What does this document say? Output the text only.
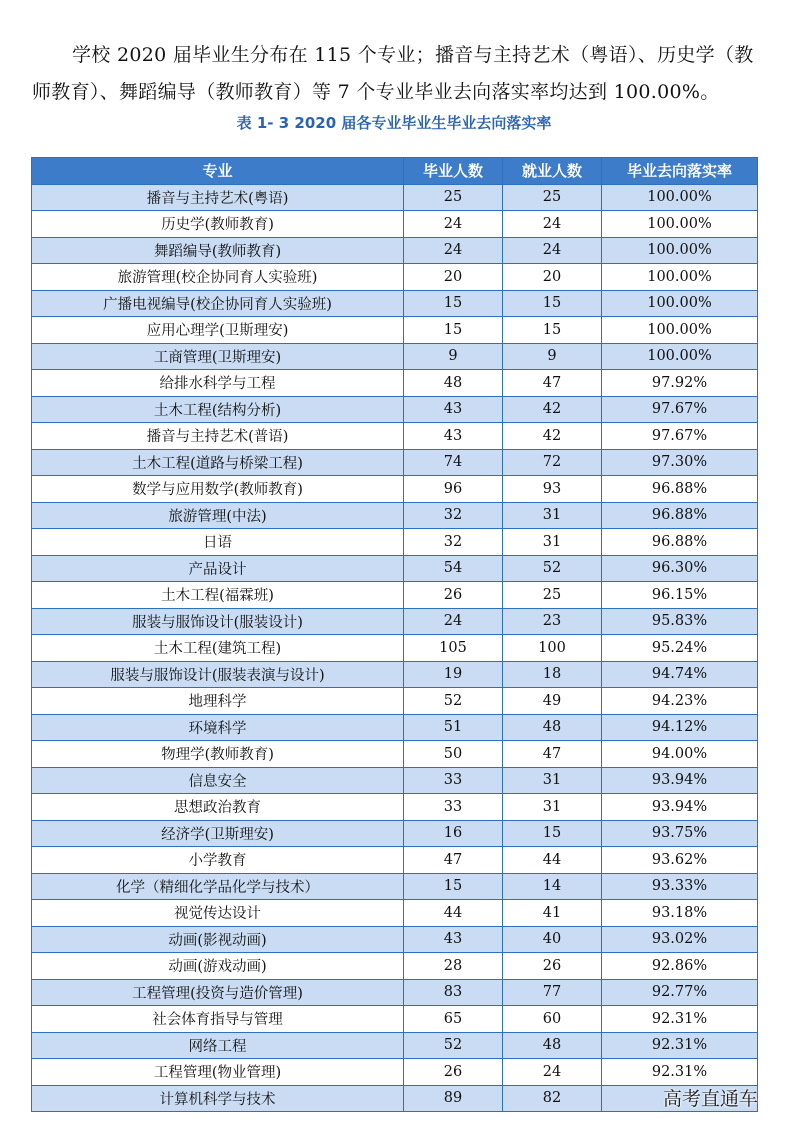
学校 2020 届毕业生分布在 115 个专业；播音与主持艺术（粤语）、历史学（教师教育）、舞蹈编导（教师教育）等 7 个专业毕业去向落实率均达到 100.00%。

表 1- 3 2020 届各专业毕业生毕业去向落实率
专业	毕业人数	就业人数	毕业去向落实率
播音与主持艺术(粤语)	25	25	100.00%
历史学(教师教育)	24	24	100.00%
舞蹈编导(教师教育)	24	24	100.00%
旅游管理(校企协同育人实验班)	20	20	100.00%
广播电视编导(校企协同育人实验班)	15	15	100.00%
应用心理学(卫斯理安)	15	15	100.00%
工商管理(卫斯理安)	9	9	100.00%
给排水科学与工程	48	47	97.92%
土木工程(结构分析)	43	42	97.67%
播音与主持艺术(普语)	43	42	97.67%
土木工程(道路与桥梁工程)	74	72	97.30%
数学与应用数学(教师教育)	96	93	96.88%
旅游管理(中法)	32	31	96.88%
日语	32	31	96.88%
产品设计	54	52	96.30%
土木工程(福霖班)	26	25	96.15%
服装与服饰设计(服装设计)	24	23	95.83%
土木工程(建筑工程)	105	100	95.24%
服装与服饰设计(服装表演与设计)	19	18	94.74%
地理科学	52	49	94.23%
环境科学	51	48	94.12%
物理学(教师教育)	50	47	94.00%
信息安全	33	31	93.94%
思想政治教育	33	31	93.94%
经济学(卫斯理安)	16	15	93.75%
小学教育	47	44	93.62%
化学（精细化学品化学与技术）	15	14	93.33%
视觉传达设计	44	41	93.18%
动画(影视动画)	43	40	93.02%
动画(游戏动画)	28	26	92.86%
工程管理(投资与造价管理)	83	77	92.77%
社会体育指导与管理	65	60	92.31%
网络工程	52	48	92.31%
工程管理(物业管理)	26	24	92.31%
计算机科学与技术	89	82		高考直通车
